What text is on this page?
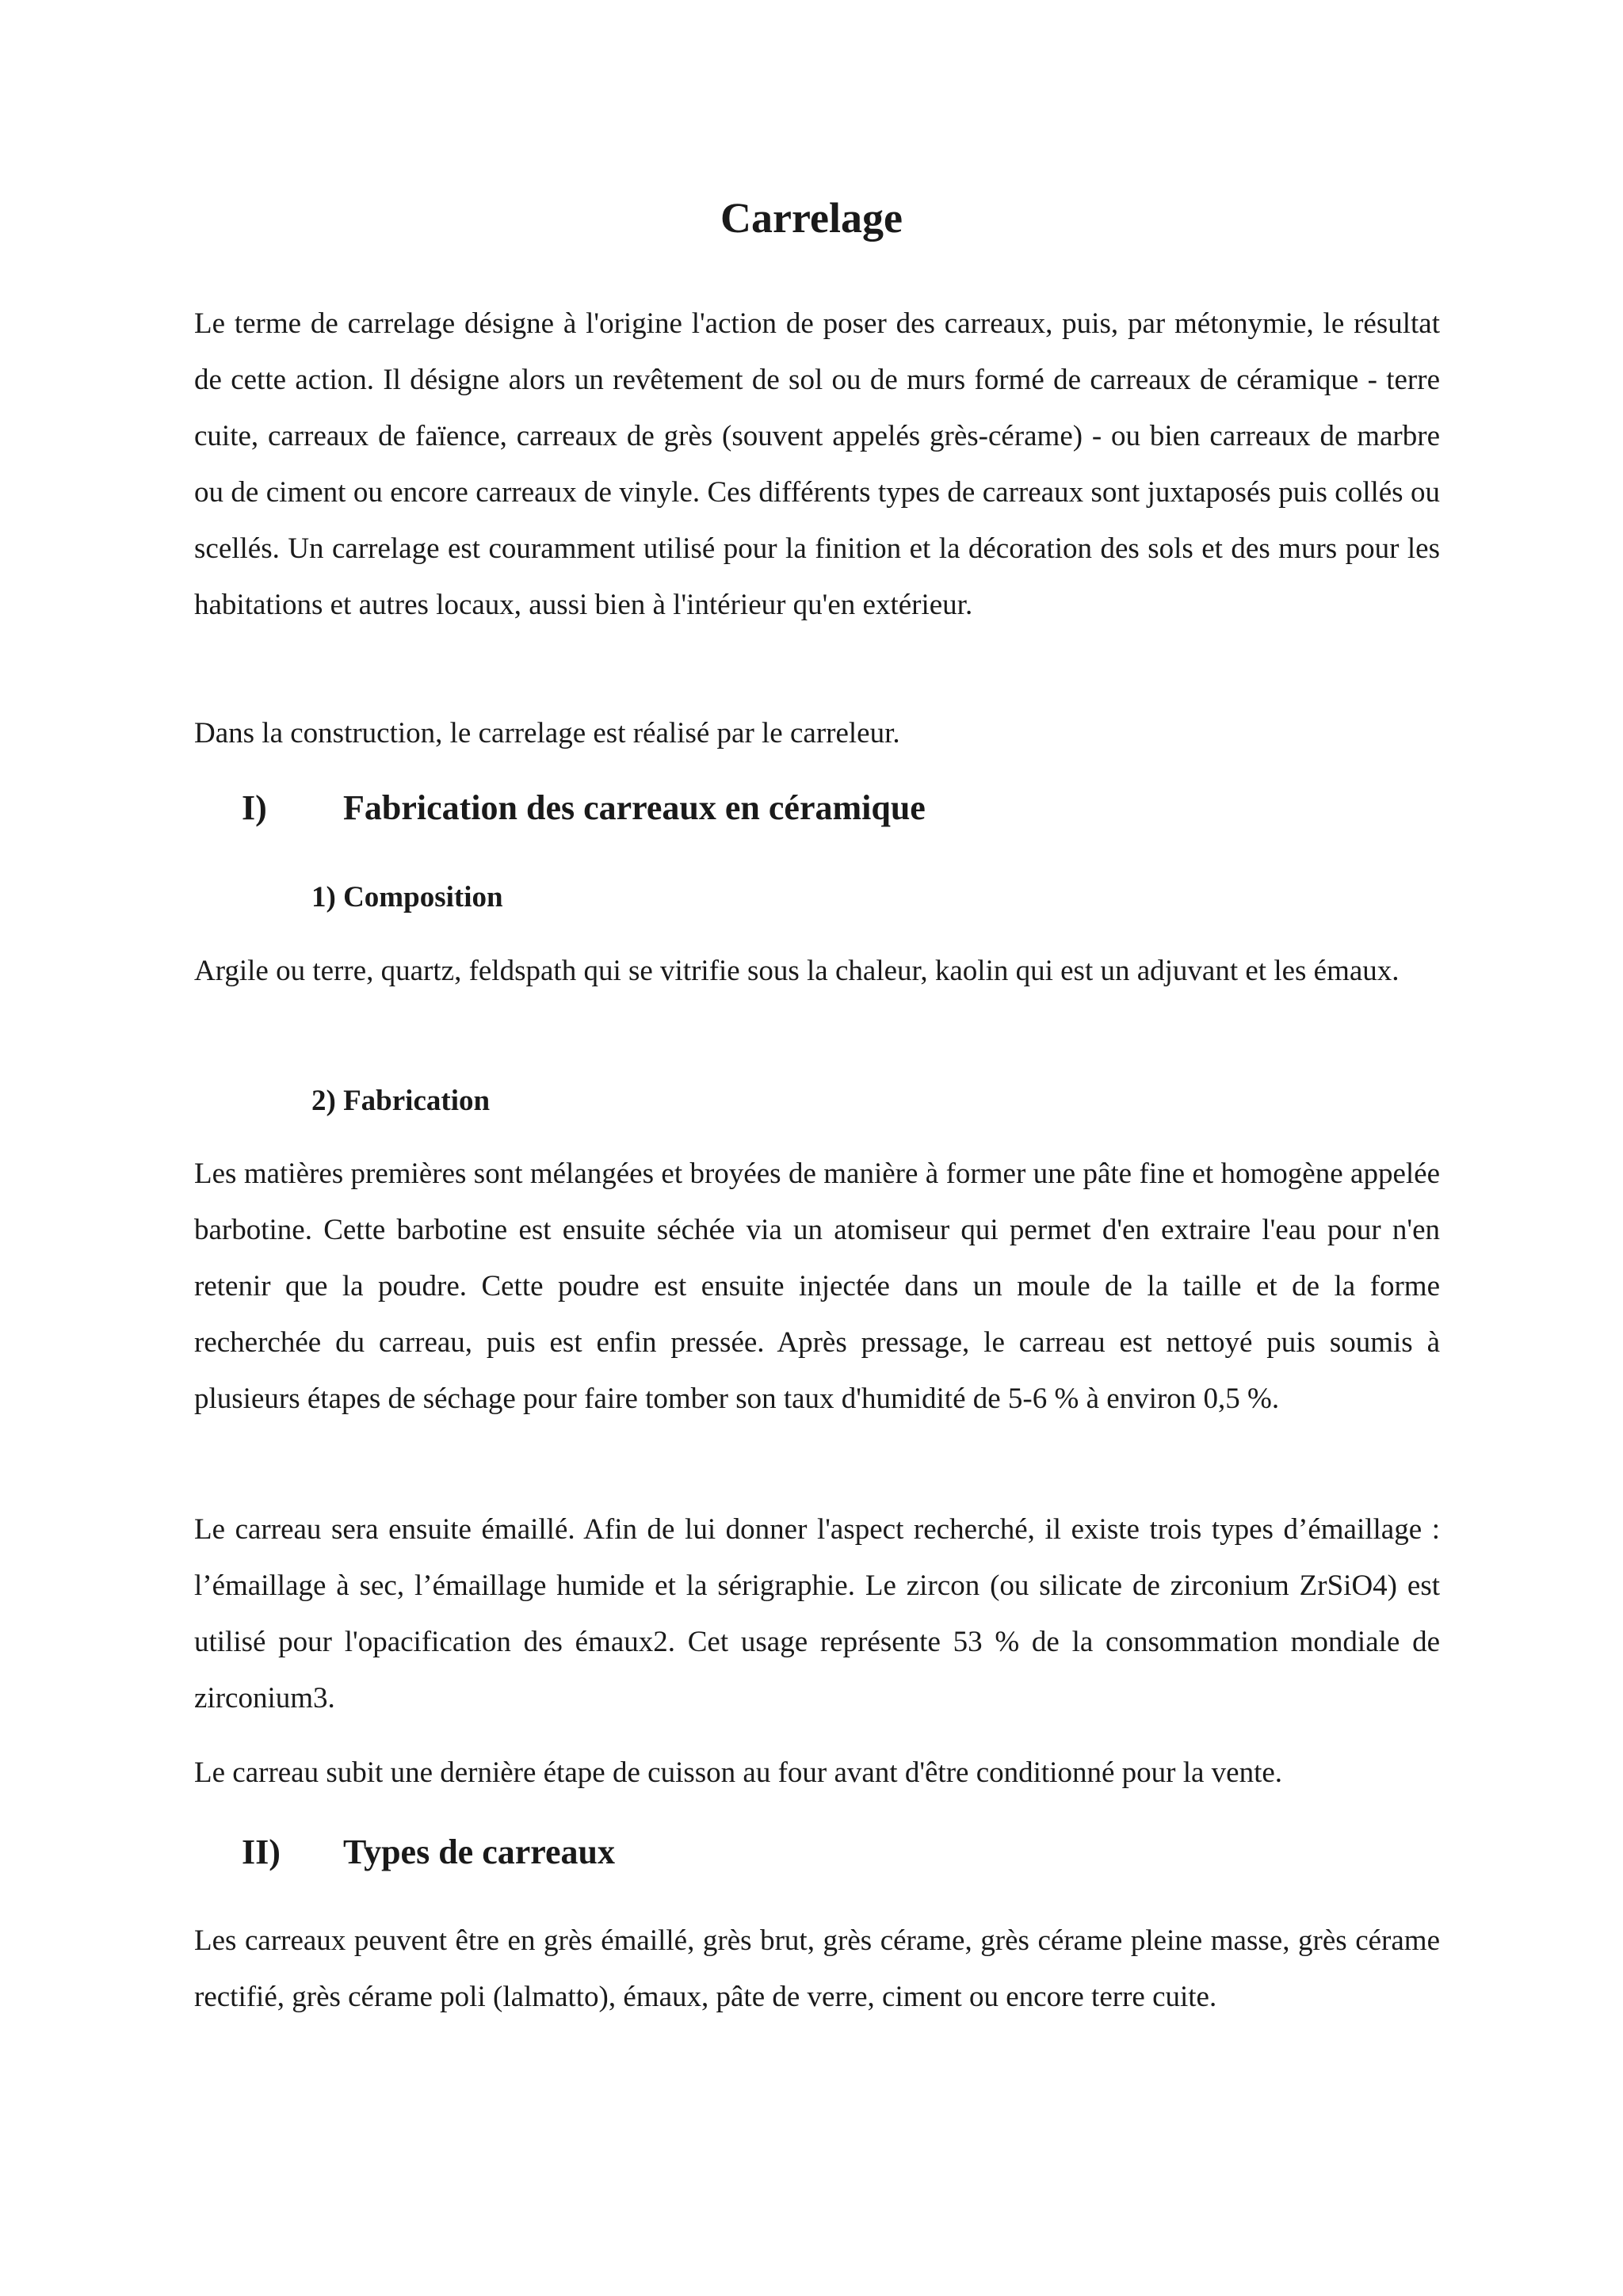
Carrelage

Le terme de carrelage désigne à l'origine l'action de poser des carreaux, puis, par métonymie, le résultat de cette action. Il désigne alors un revêtement de sol ou de murs formé de carreaux de céramique - terre cuite, carreaux de faïence, carreaux de grès (souvent appelés grès-cérame) - ou bien carreaux de marbre ou de ciment ou encore carreaux de vinyle. Ces différents types de carreaux sont juxtaposés puis collés ou scellés. Un carrelage est couramment utilisé pour la finition et la décoration des sols et des murs pour les habitations et autres locaux, aussi bien à l'intérieur qu'en extérieur.

Dans la construction, le carrelage est réalisé par le carreleur.

I) Fabrication des carreaux en céramique
1) Composition

Argile ou terre, quartz, feldspath qui se vitrifie sous la chaleur, kaolin qui est un adjuvant et les émaux.

2) Fabrication

Les matières premières sont mélangées et broyées de manière à former une pâte fine et homogène appelée barbotine. Cette barbotine est ensuite séchée via un atomiseur qui permet d'en extraire l'eau pour n'en retenir que la poudre. Cette poudre est ensuite injectée dans un moule de la taille et de la forme recherchée du carreau, puis est enfin pressée. Après pressage, le carreau est nettoyé puis soumis à plusieurs étapes de séchage pour faire tomber son taux d'humidité de 5-6 % à environ 0,5 %.

Le carreau sera ensuite émaillé. Afin de lui donner l'aspect recherché, il existe trois types d’émaillage : l’émaillage à sec, l’émaillage humide et la sérigraphie. Le zircon (ou silicate de zirconium ZrSiO4) est utilisé pour l'opacification des émaux2. Cet usage représente 53 % de la consommation mondiale de zirconium3.

Le carreau subit une dernière étape de cuisson au four avant d'être conditionné pour la vente.

II) Types de carreaux

Les carreaux peuvent être en grès émaillé, grès brut, grès cérame, grès cérame pleine masse, grès cérame rectifié, grès cérame poli (lalmatto), émaux, pâte de verre, ciment ou encore terre cuite.
